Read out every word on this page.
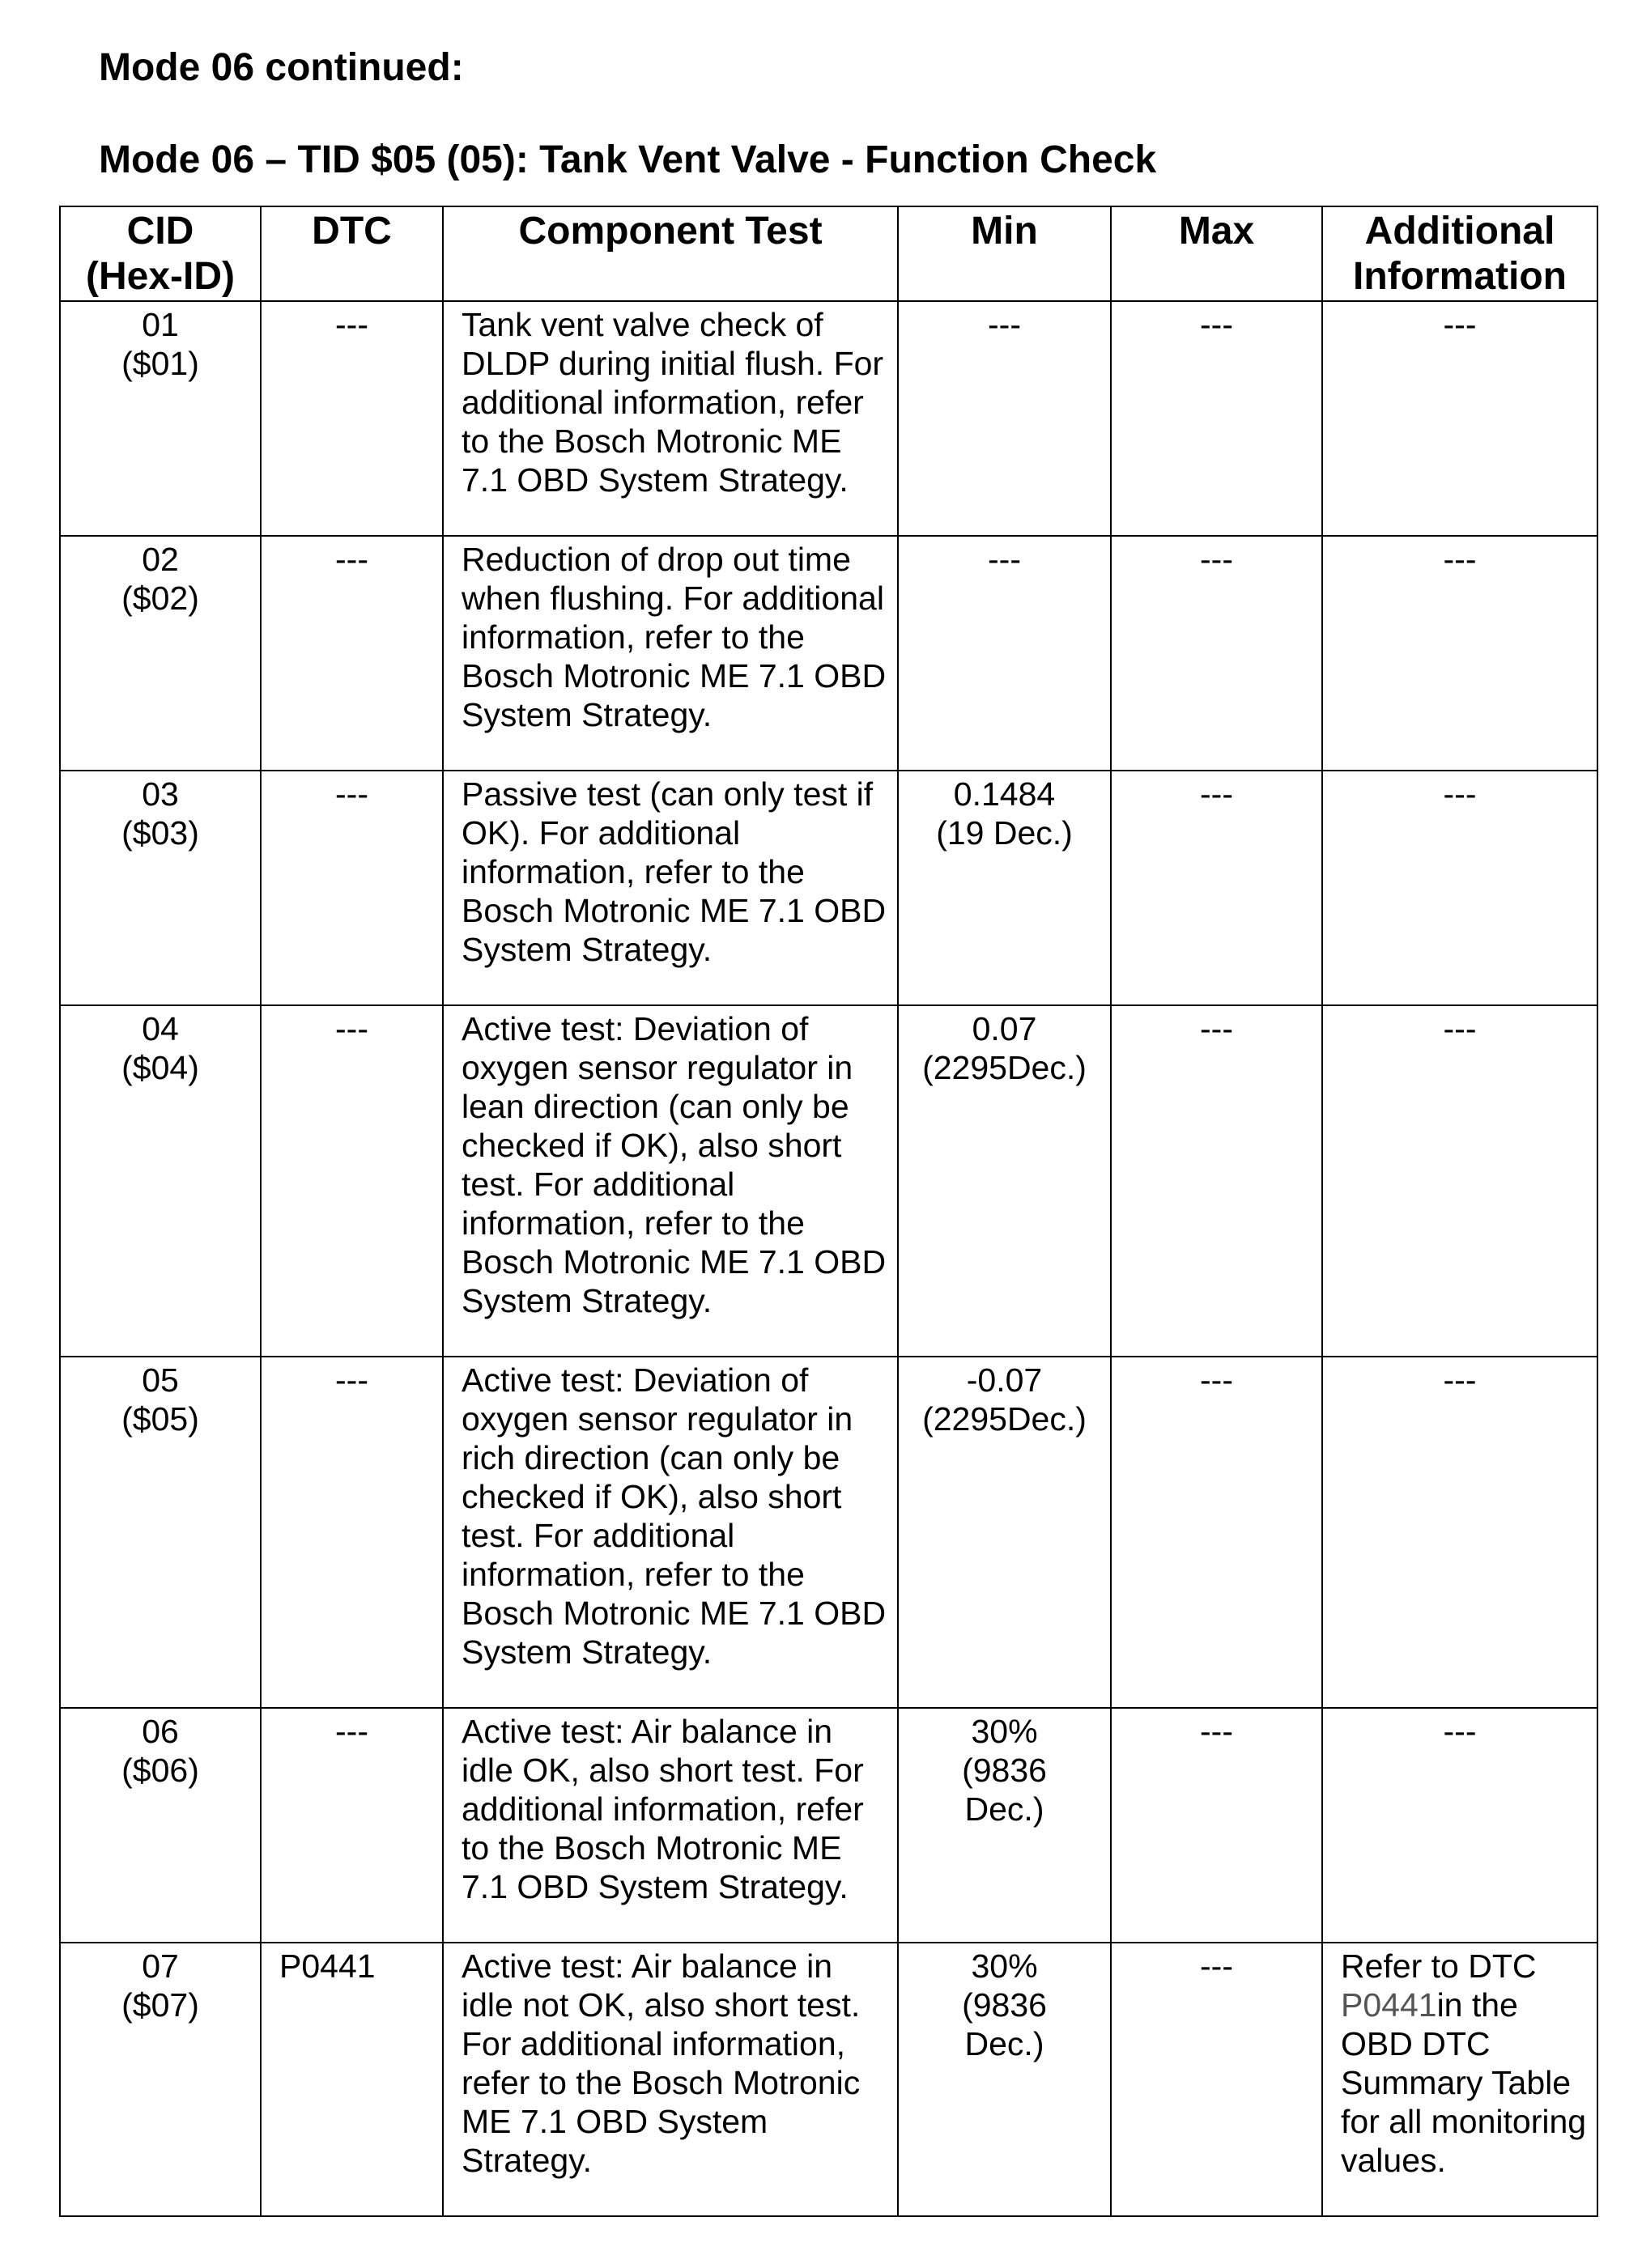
Mode 06 continued:
Mode 06 – TID $05 (05): Tank Vent Valve - Function Check
CID
(Hex-ID)	DTC	Component Test	Min	Max	Additional
Information

01
($01)	---	Tank vent valve check of DLDP during initial flush. For additional information, refer to the Bosch Motronic ME 7.1 OBD System Strategy.	---	---	---

02
($02)	---	Reduction of drop out time when flushing. For additional information, refer to the Bosch Motronic ME 7.1 OBD System Strategy.	---	---	---

03
($03)	---	Passive test (can only test if OK). For additional information, refer to the Bosch Motronic ME 7.1 OBD System Strategy.	0.1484
(19 Dec.)	---	---

04
($04)	---	Active test: Deviation of oxygen sensor regulator in lean direction (can only be checked if OK), also short test. For additional information, refer to the Bosch Motronic ME 7.1 OBD System Strategy.	0.07
(2295Dec.)	---	---

05
($05)	---	Active test: Deviation of oxygen sensor regulator in rich direction (can only be checked if OK), also short test. For additional information, refer to the Bosch Motronic ME 7.1 OBD System Strategy.	-0.07
(2295Dec.)	---	---

06
($06)	---	Active test: Air balance in idle OK, also short test. For additional information, refer to the Bosch Motronic ME 7.1 OBD System Strategy.	30%
(9836
Dec.)	---	---

07
($07)	P0441	Active test: Air balance in idle not OK, also short test. For additional information, refer to the Bosch Motronic ME 7.1 OBD System Strategy.	30%
(9836
Dec.)	---	Refer to DTC P0441in the OBD DTC Summary Table for all monitoring values.
